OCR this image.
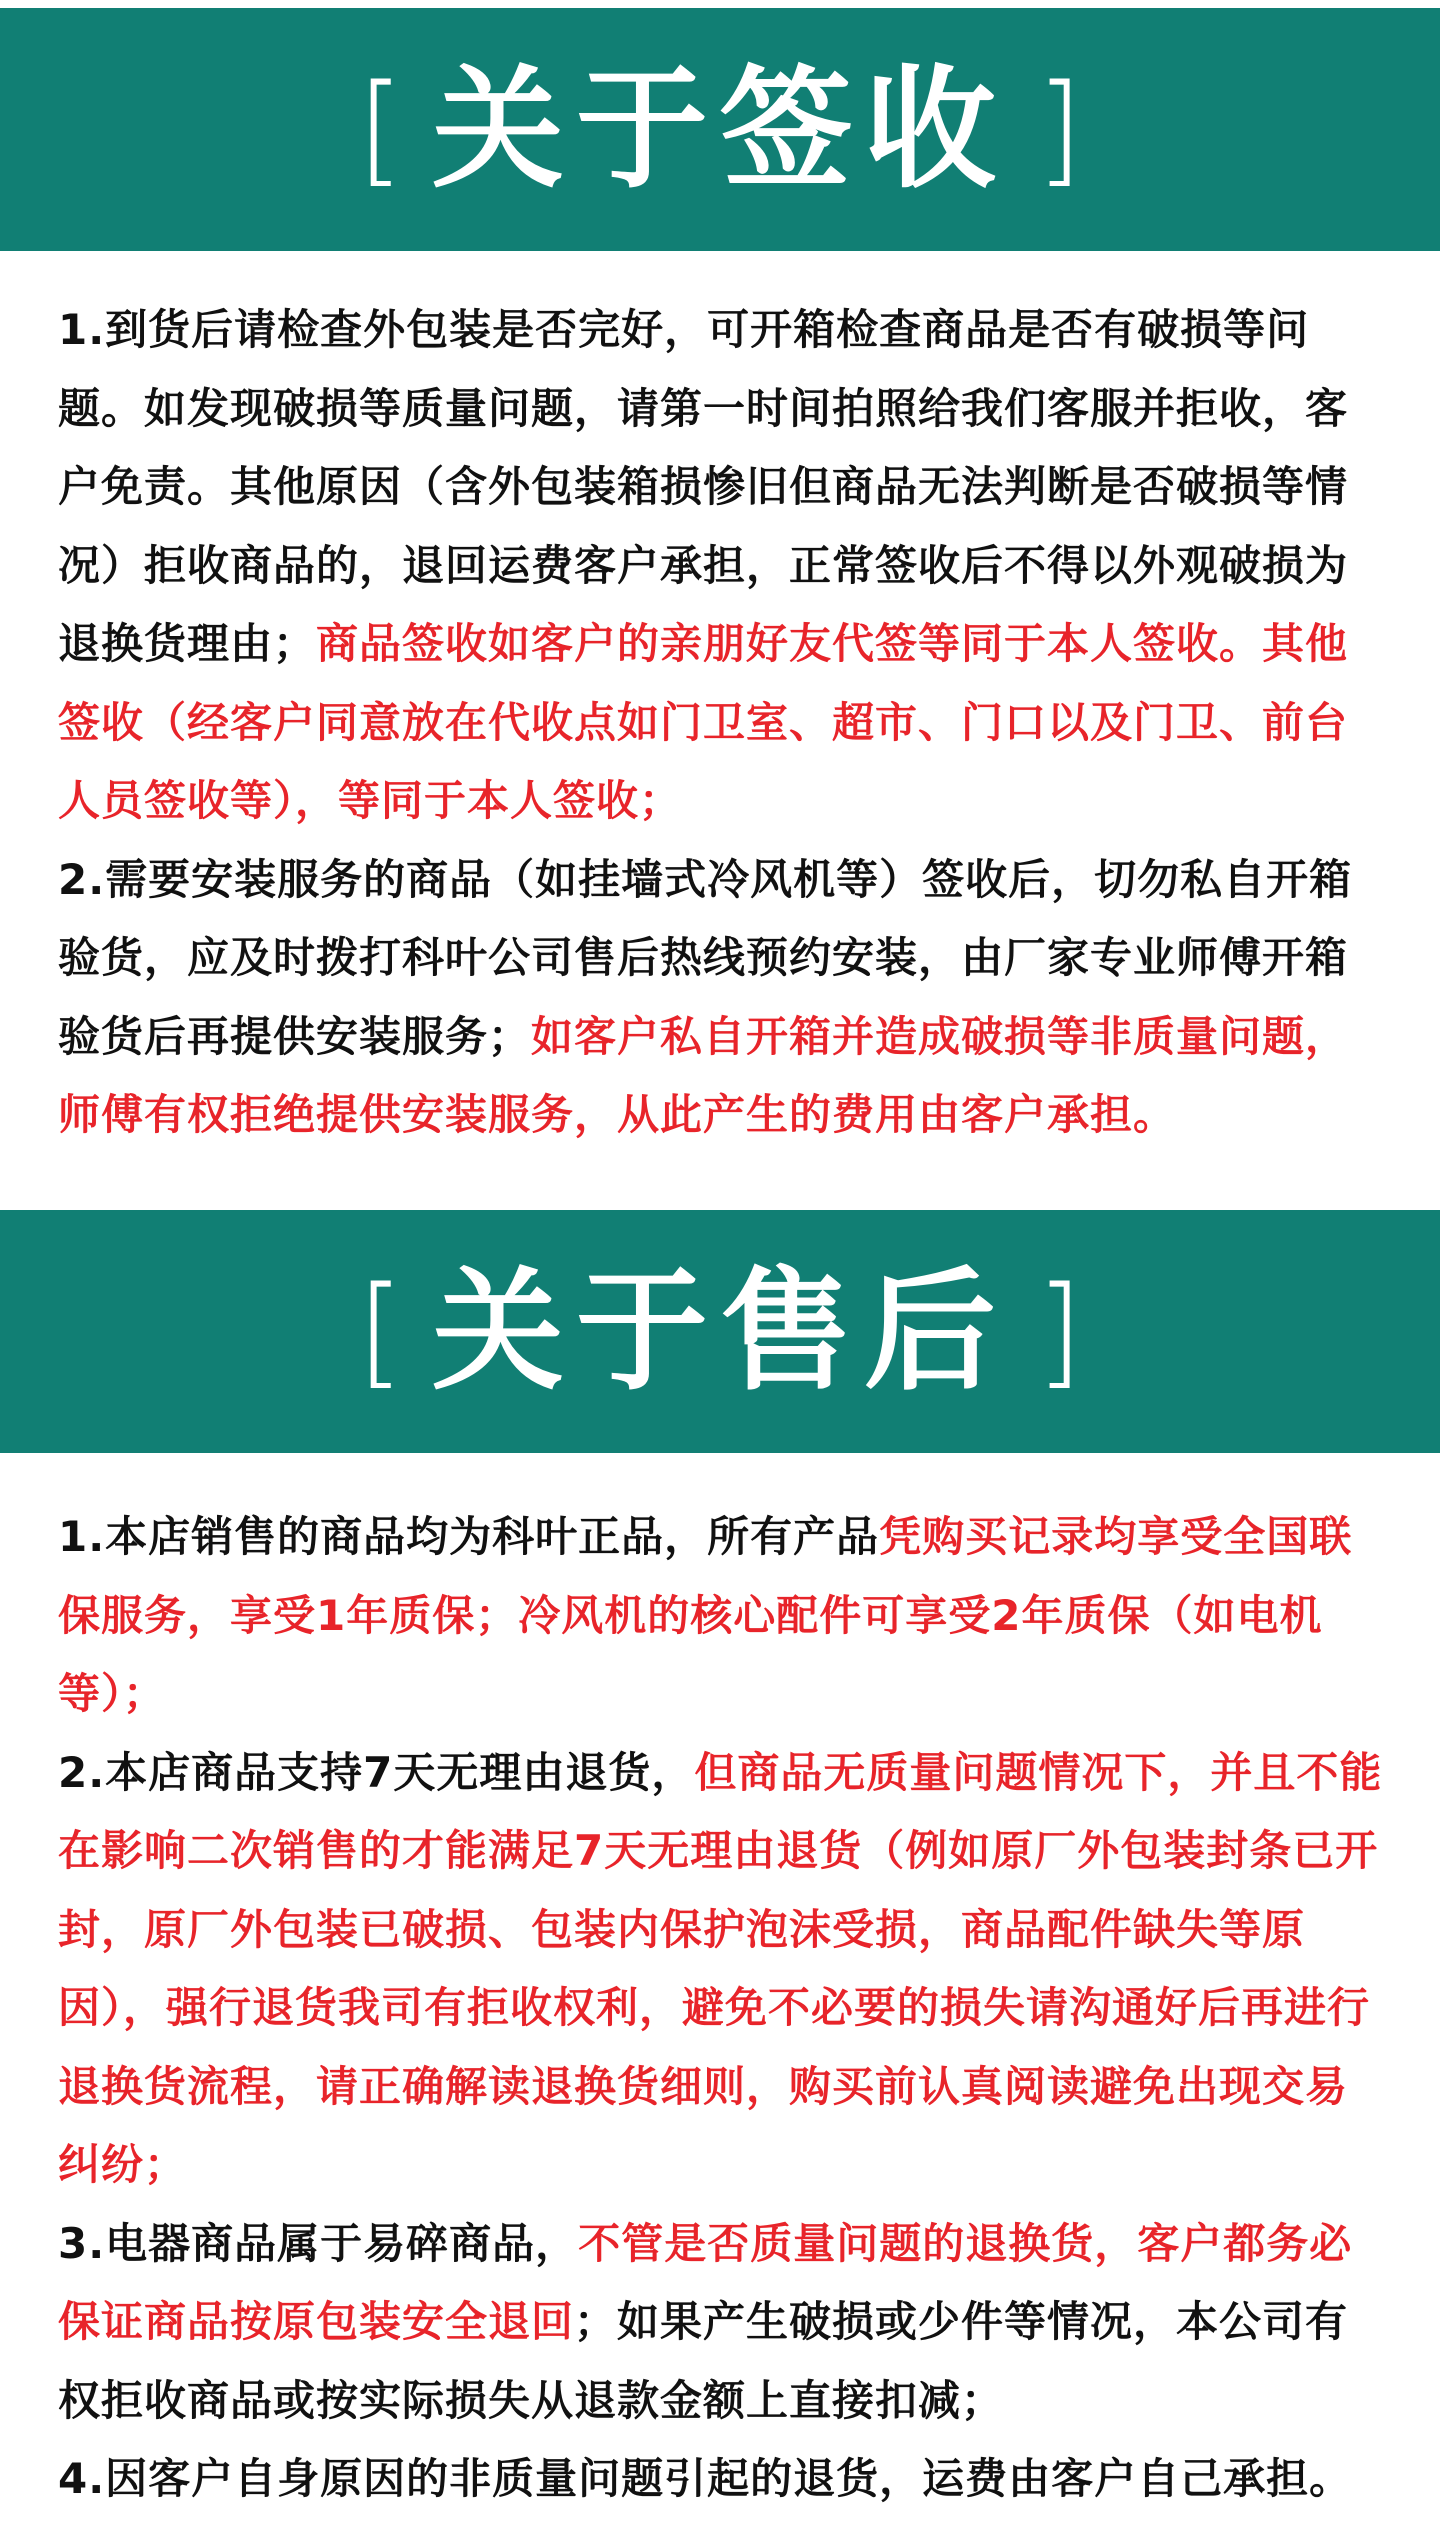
[ 关于签收 ]

1.到货后请检查外包装是否完好，可开箱检查商品是否有破损等问题。如发现破损等质量问题，请第一时间拍照给我们客服并拒收，客户免责。其他原因（含外包装箱损惨旧但商品无法判断是否破损等情况）拒收商品的，退回运费客户承担，正常签收后不得以外观破损为退换货理由；商品签收如客户的亲朋好友代签等同于本人签收。其他签收（经客户同意放在代收点如门卫室、超市、门口以及门卫、前台人员签收等），等同于本人签收；

2.需要安装服务的商品（如挂墙式冷风机等）签收后，切勿私自开箱验货，应及时拨打科叶公司售后热线预约安装，由厂家专业师傅开箱验货后再提供安装服务；如客户私自开箱并造成破损等非质量问题，师傅有权拒绝提供安装服务，从此产生的费用由客户承担。

[ 关于售后 ]

1.本店销售的商品均为科叶正品，所有产品凭购买记录均享受全国联保服务，享受1年质保；冷风机的核心配件可享受2年质保（如电机等）；

2.本店商品支持7天无理由退货，但商品无质量问题情况下，并且不能在影响二次销售的才能满足7天无理由退货（例如原厂外包装封条已开封，原厂外包装已破损、包装内保护泡沫受损，商品配件缺失等原因），强行退货我司有拒收权利，避免不必要的损失请沟通好后再进行退换货流程，请正确解读退换货细则，购买前认真阅读避免出现交易纠纷；

3.电器商品属于易碎商品，不管是否质量问题的退换货，客户都务必保证商品按原包装安全退回；如果产生破损或少件等情况，本公司有权拒收商品或按实际损失从退款金额上直接扣减；

4.因客户自身原因的非质量问题引起的退货，运费由客户自己承担。
